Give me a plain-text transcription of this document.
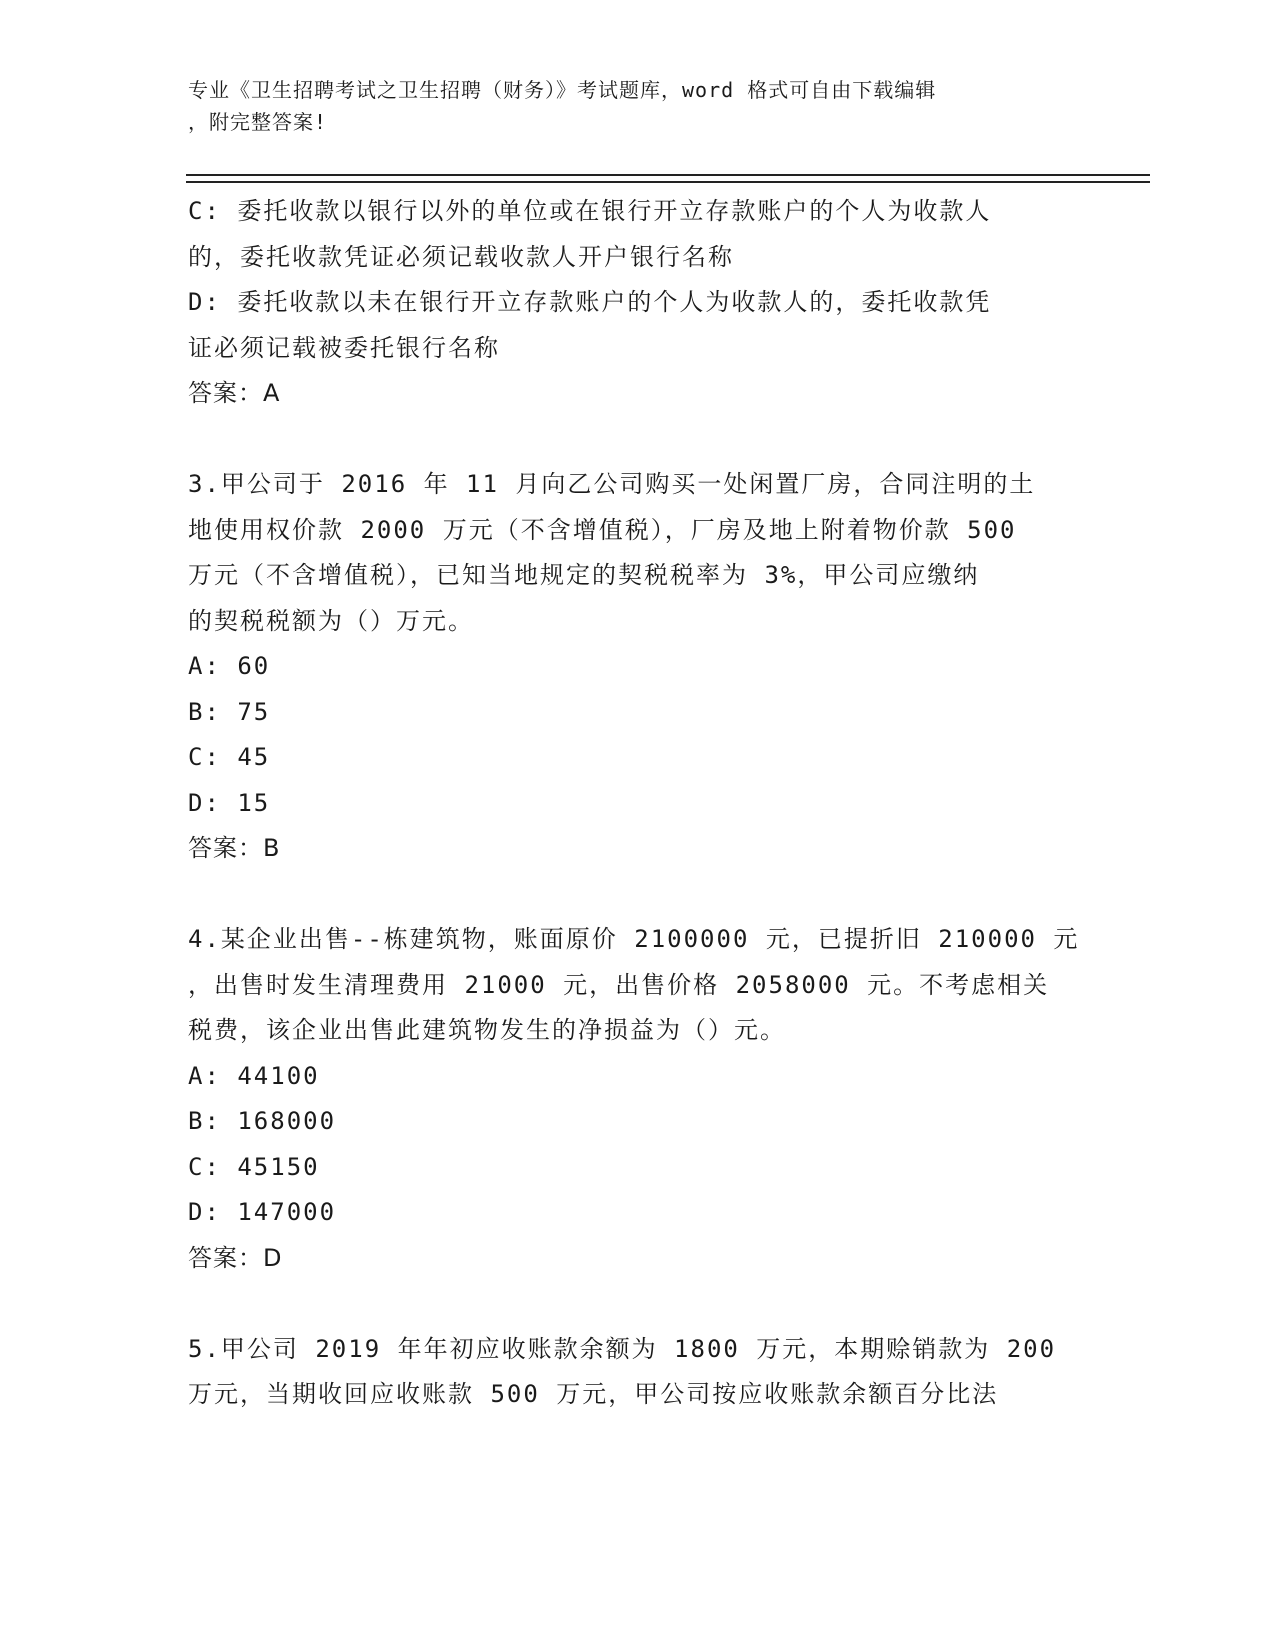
专业《卫生招聘考试之卫生招聘（财务）》考试题库，word 格式可自由下载编辑
，附完整答案!
C: 委托收款以银行以外的单位或在银行开立存款账户的个人为收款人
的，委托收款凭证必须记载收款人开户银行名称
D: 委托收款以未在银行开立存款账户的个人为收款人的，委托收款凭
证必须记载被委托银行名称
答案：A
3.甲公司于 2016 年 11 月向乙公司购买一处闲置厂房，合同注明的土
地使用权价款 2000 万元（不含增值税），厂房及地上附着物价款 500
万元（不含增值税），已知当地规定的契税税率为 3%，甲公司应缴纳
的契税税额为（）万元。
A: 60
B: 75
C: 45
D: 15
答案：B
4.某企业出售--栋建筑物，账面原价 2100000 元，已提折旧 210000 元
，出售时发生清理费用 21000 元，出售价格 2058000 元。不考虑相关
税费，该企业出售此建筑物发生的净损益为（）元。
A: 44100
B: 168000
C: 45150
D: 147000
答案：D
5.甲公司 2019 年年初应收账款余额为 1800 万元，本期赊销款为 200
万元，当期收回应收账款 500 万元，甲公司按应收账款余额百分比法
